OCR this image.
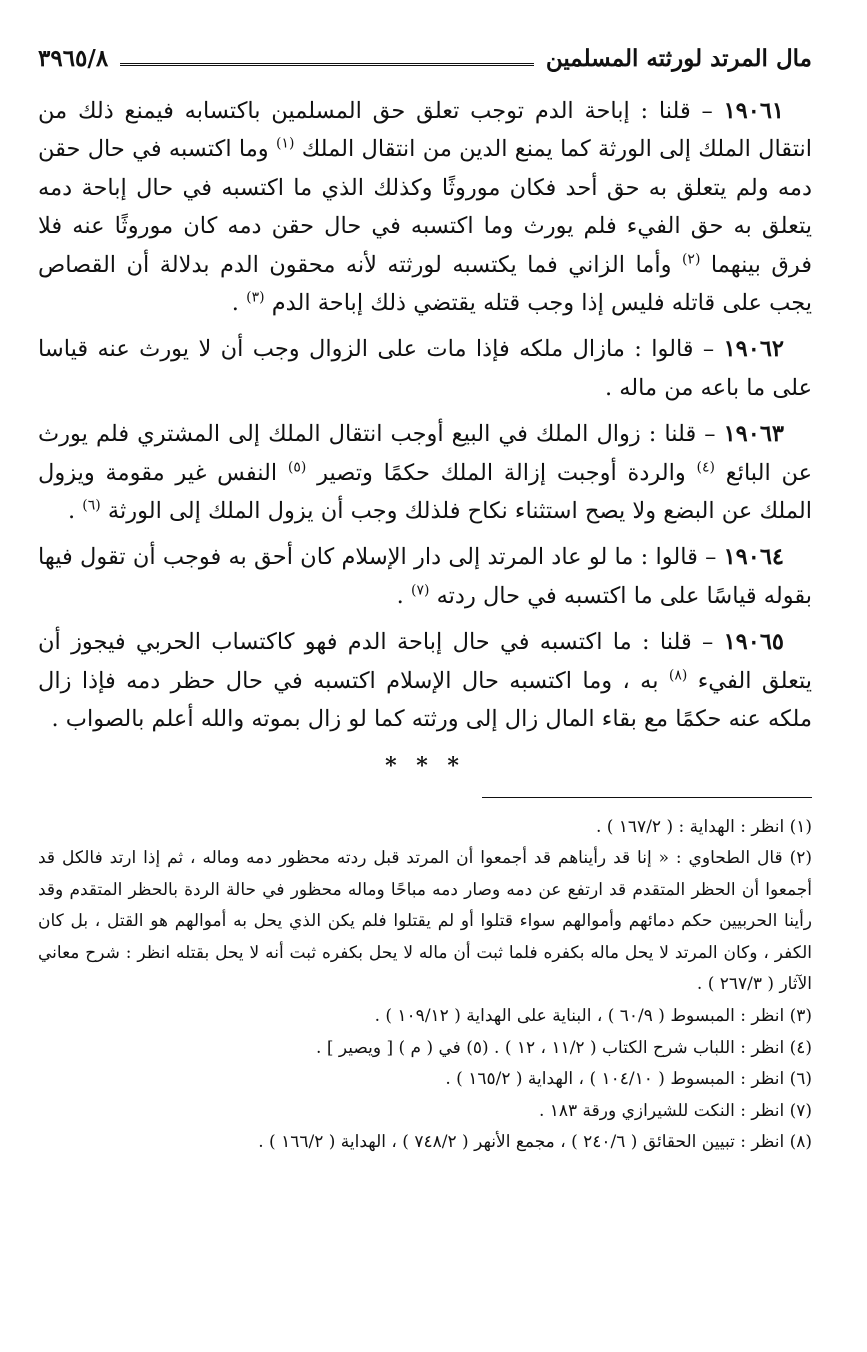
مال المرتد لورثته المسلمين
٣٩٦٥/٨

١٩٠٦١ – قلنا : إباحة الدم توجب تعلق حق المسلمين باكتسابه فيمنع ذلك من انتقال الملك إلى الورثة كما يمنع الدين من انتقال الملك $^{(١)}$ وما اكتسبه في حال حقن دمه ولم يتعلق به حق أحد فكان موروثًا وكذلك الذي ما اكتسبه في حال إباحة دمه يتعلق به حق الفيء فلم يورث وما اكتسبه في حال حقن دمه كان موروثًا عنه فلا فرق بينهما $^{(٢)}$ وأما الزاني فما يكتسبه لورثته لأنه محقون الدم بدلالة أن القصاص يجب على قاتله فليس إذا وجب قتله يقتضي ذلك إباحة الدم $^{(٣)}$ .

١٩٠٦٢ – قالوا : مازال ملكه فإذا مات على الزوال وجب أن لا يورث عنه قياسا على ما باعه من ماله .

١٩٠٦٣ – قلنا : زوال الملك في البيع أوجب انتقال الملك إلى المشتري فلم يورث عن البائع $^{(٤)}$ والردة أوجبت إزالة الملك حكمًا وتصير $^{(٥)}$ النفس غير مقومة ويزول الملك عن البضع ولا يصح استثناء نكاح فلذلك وجب أن يزول الملك إلى الورثة $^{(٦)}$ .

١٩٠٦٤ – قالوا : ما لو عاد المرتد إلى دار الإسلام كان أحق به فوجب أن تقول فيها بقوله قياسًا على ما اكتسبه في حال ردته $^{(٧)}$ .

١٩٠٦٥ – قلنا : ما اكتسبه في حال إباحة الدم فهو كاكتساب الحربي فيجوز أن يتعلق الفيء $^{(٨)}$ به ، وما اكتسبه حال الإسلام اكتسبه في حال حظر دمه فإذا زال ملكه عنه حكمًا مع بقاء المال زال إلى ورثته كما لو زال بموته والله أعلم بالصواب .

* * *

(١) انظر : الهداية : ( ١٦٧/٢ ) .

(٢) قال الطحاوي : « إنا قد رأيناهم قد أجمعوا أن المرتد قبل ردته محظور دمه وماله ، ثم إذا ارتد فالكل قد أجمعوا أن الحظر المتقدم قد ارتفع عن دمه وصار دمه مباحًا وماله محظور في حالة الردة بالحظر المتقدم وقد رأينا الحربيين حكم دمائهم وأموالهم سواء قتلوا أو لم يقتلوا فلم يكن الذي يحل به أموالهم هو القتل ، بل كان الكفر ، وكان المرتد لا يحل ماله بكفره فلما ثبت أن ماله لا يحل بكفره ثبت أنه لا يحل بقتله انظر : شرح معاني الآثار ( ٢٦٧/٣ ) .

(٣) انظر : المبسوط ( ٦٠/٩ ) ، البناية على الهداية ( ١٠٩/١٢ ) .

(٤) انظر : اللباب شرح الكتاب ( ١١/٢ ، ١٢ ) . (٥) في ( م ) [ ويصير ] .

(٦) انظر : المبسوط ( ١٠٤/١٠ ) ، الهداية ( ١٦٥/٢ ) .

(٧) انظر : النكت للشيرازي ورقة ١٨٣ .

(٨) انظر : تبيين الحقائق ( ٢٤٠/٦ ) ، مجمع الأنهر ( ٧٤٨/٢ ) ، الهداية ( ١٦٦/٢ ) .
